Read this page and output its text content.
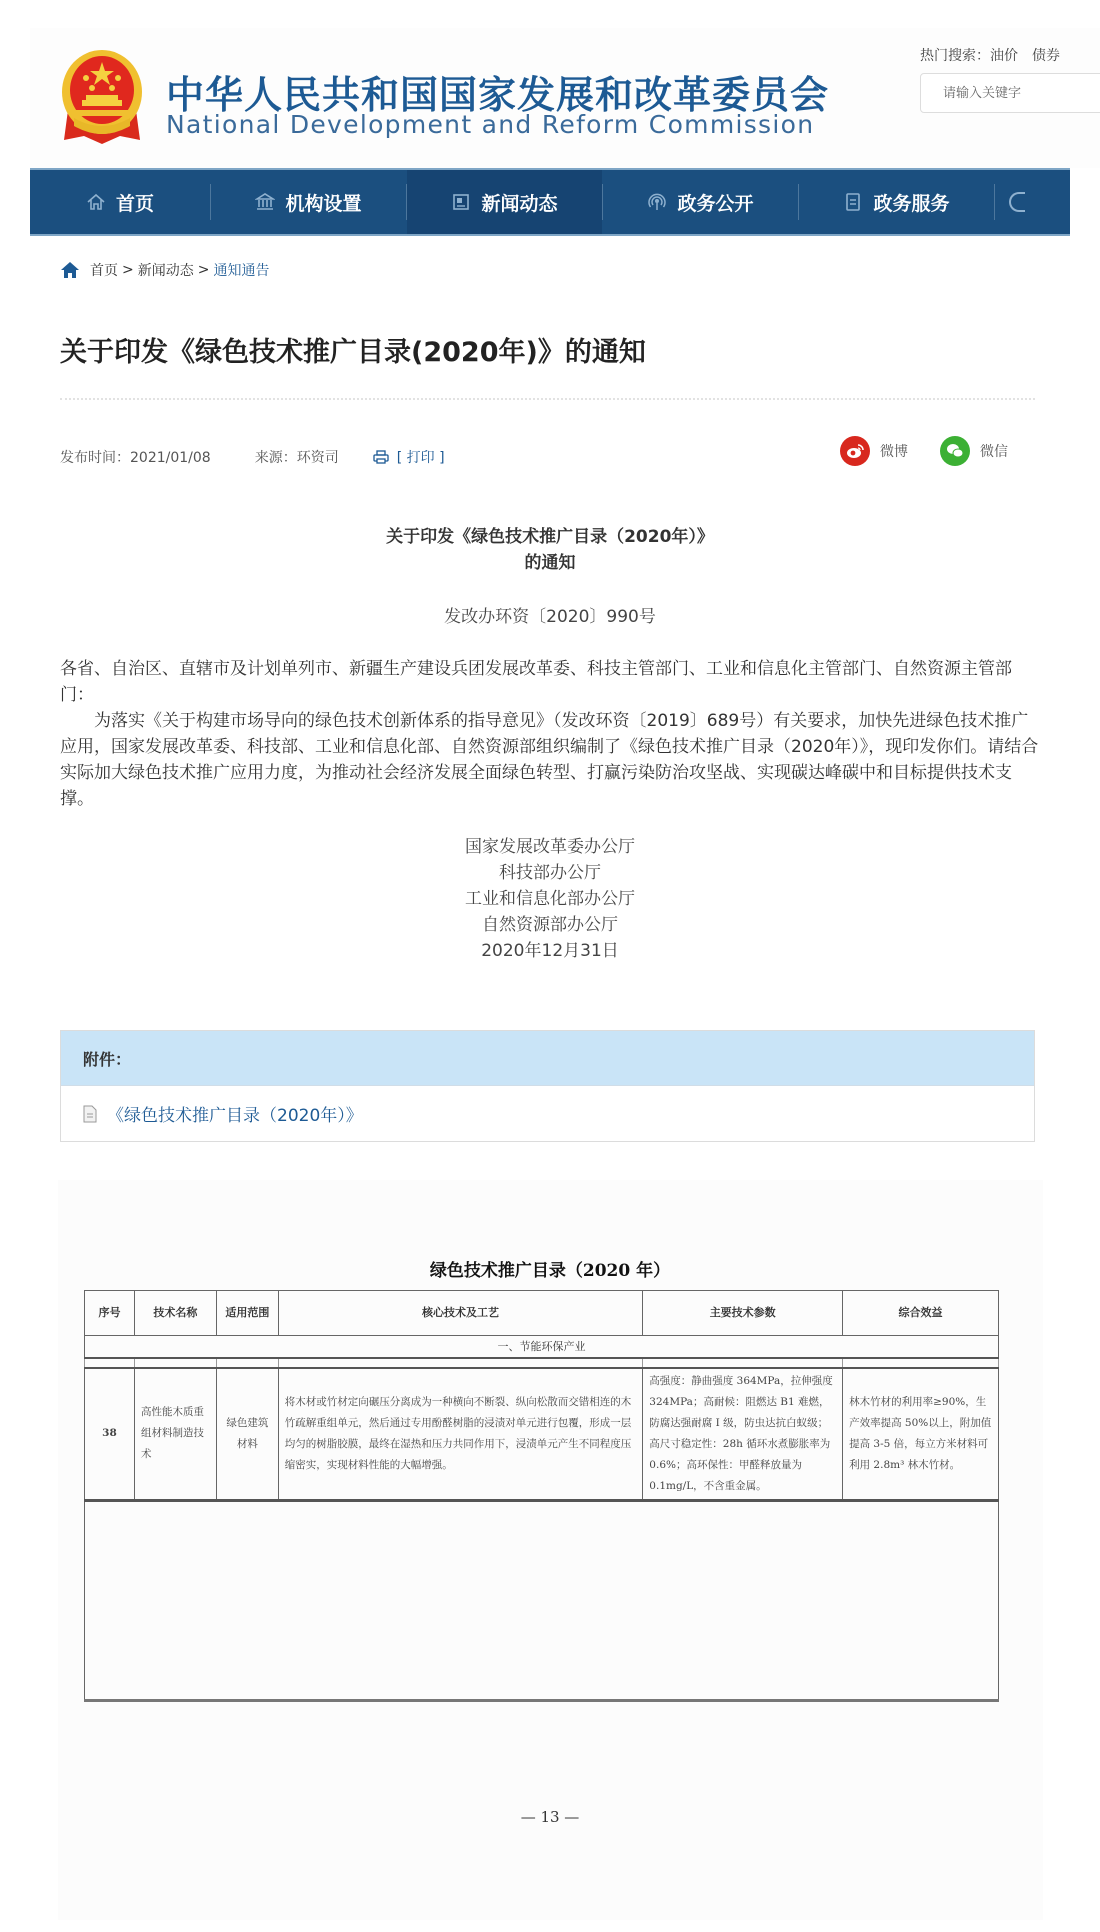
中华人民共和国国家发展和改革委员会
National Development and Reform Commission
热门搜索：油价　债券
请输入关键字
首页	机构设置	新闻动态	政务公开	政务服务
首页 > 新闻动态 > 通知通告
关于印发《绿色技术推广目录(2020年)》的通知
发布时间：2021/01/08	来源：环资司	[ 打印 ]	微博	微信
关于印发《绿色技术推广目录（2020年）》
的通知
发改办环资〔2020〕990号
各省、自治区、直辖市及计划单列市、新疆生产建设兵团发展改革委、科技主管部门、工业和信息化主管部门、自然资源主管部门：
为落实《关于构建市场导向的绿色技术创新体系的指导意见》（发改环资〔2019〕689号）有关要求，加快先进绿色技术推广应用，国家发展改革委、科技部、工业和信息化部、自然资源部组织编制了《绿色技术推广目录（2020年）》，现印发你们。请结合实际加大绿色技术推广应用力度，为推动社会经济发展全面绿色转型、打赢污染防治攻坚战、实现碳达峰碳中和目标提供技术支撑。
国家发展改革委办公厅
科技部办公厅
工业和信息化部办公厅
自然资源部办公厅
2020年12月31日
附件：
《绿色技术推广目录（2020年）》
绿色技术推广目录（2020 年）
序号	技术名称	适用范围	核心技术及工艺	主要技术参数	综合效益
一、节能环保产业					

38	高性能木质重组材料制造技术	绿色建筑材料	将木材或竹材定向碾压分离成为一种横向不断裂、纵向松散而交错相连的木竹疏解重组单元，然后通过专用酚醛树脂的浸渍对单元进行包覆，形成一层均匀的树脂胶膜，最终在湿热和压力共同作用下，浸渍单元产生不同程度压缩密实，实现材料性能的大幅增强。	高强度：静曲强度 364MPa，拉伸强度 324MPa；高耐候：阻燃达 B1 难燃，防腐达强耐腐 I 级，防虫达抗白蚁级；高尺寸稳定性：28h 循环水煮膨胀率为 0.6%；高环保性：甲醛释放量为 0.1mg/L，不含重金属。	林木竹材的利用率≥90%，生产效率提高 50%以上，附加值提高 3-5 倍，每立方米材料可利用 2.8m³ 林木竹材。

— 13 —
